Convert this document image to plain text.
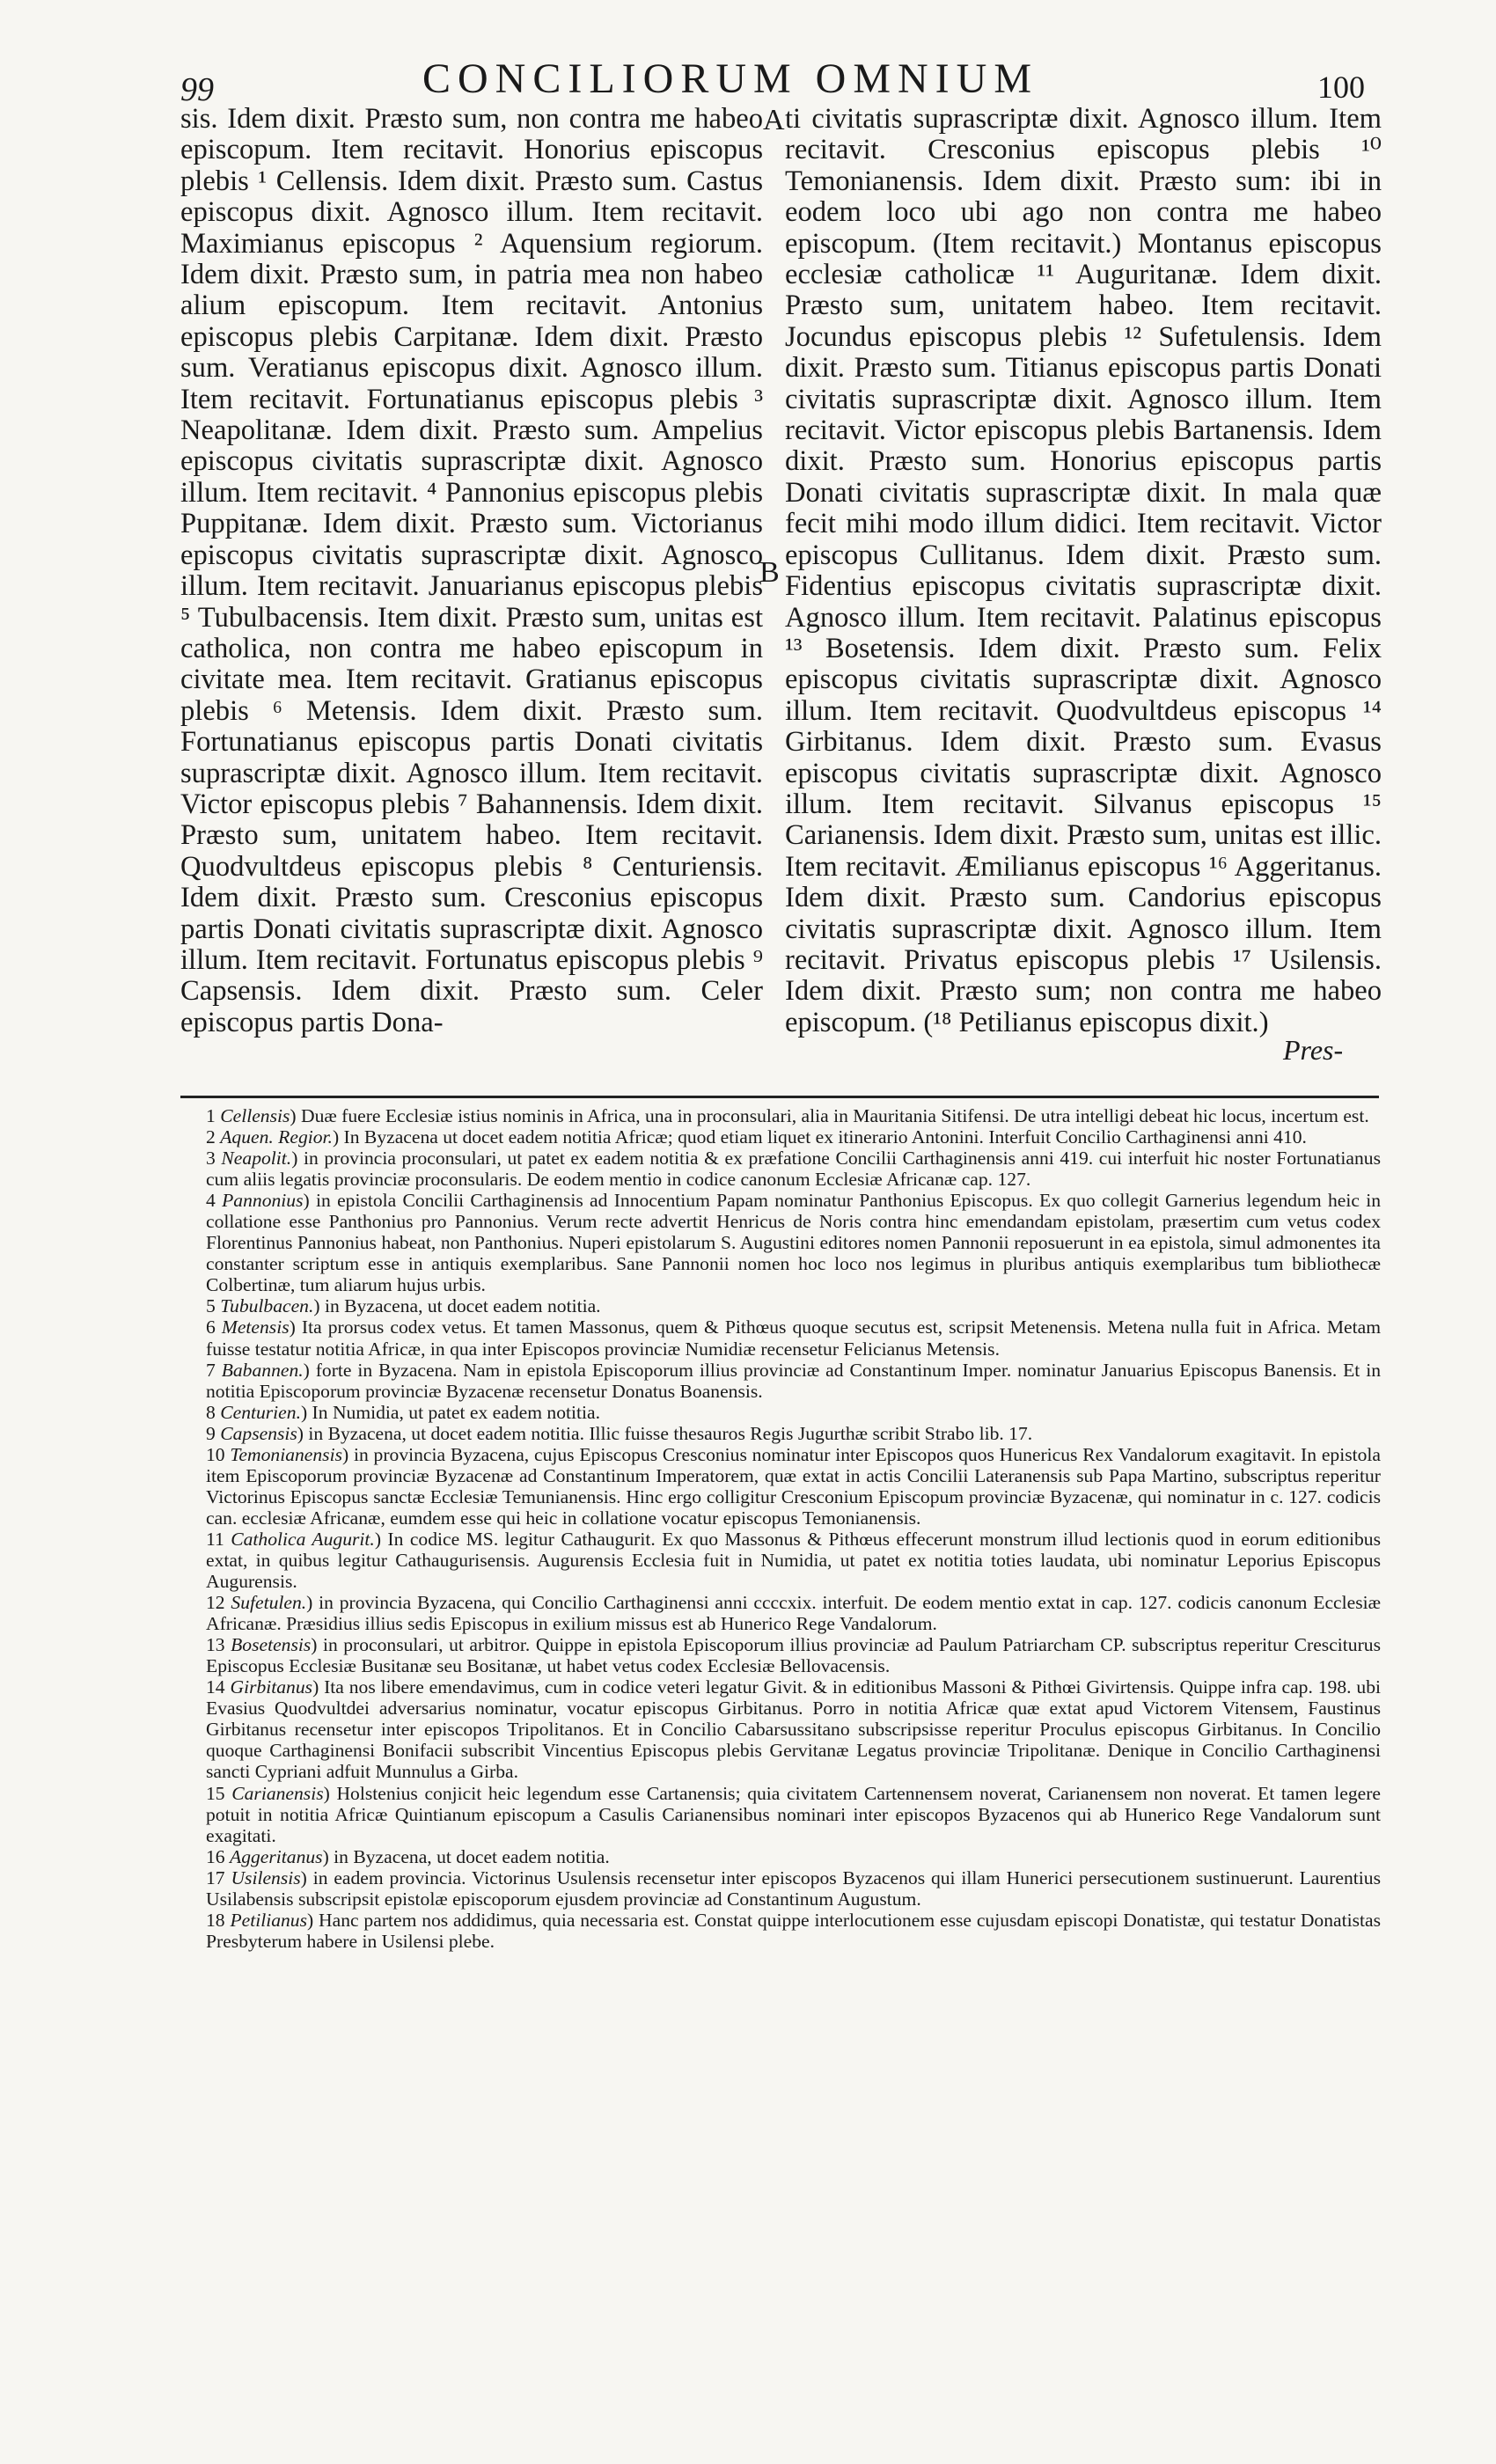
99	CONCILIORUM OMNIUM	100

sis. Idem dixit. Præsto sum, non contra me habeo episcopum. Item recitavit. Honorius episcopus plebis ¹ Cellensis. Idem dixit. Præsto sum. Castus episcopus dixit. Agnosco illum. Item recitavit. Maximianus episcopus ² Aquensium regiorum. Idem dixit. Præsto sum, in patria mea non habeo alium episcopum. Item recitavit. Antonius episcopus plebis Carpitanæ. Idem dixit. Præsto sum. Veratianus episcopus dixit. Agnosco illum. Item recitavit. Fortunatianus episcopus plebis ³ Neapolitanæ. Idem dixit. Præsto sum. Ampelius episcopus civitatis suprascriptæ dixit. Agnosco illum. Item recitavit. ⁴ Pannonius episcopus plebis Puppitanæ. Idem dixit. Præsto sum. Victorianus episcopus civitatis suprascriptæ dixit. Agnosco illum. Item recitavit. Januarianus episcopus plebis ⁵ Tubulbacensis. Item dixit. Præsto sum, unitas est catholica, non contra me habeo episcopum in civitate mea. Item recitavit. Gratianus episcopus plebis ⁶ Metensis. Idem dixit. Præsto sum. Fortunatianus episcopus partis Donati civitatis suprascriptæ dixit. Agnosco illum. Item recitavit. Victor episcopus plebis ⁷ Bahannensis. Idem dixit. Præsto sum, unitatem habeo. Item recitavit. Quodvultdeus episcopus plebis ⁸ Centuriensis. Idem dixit. Præsto sum. Cresconius episcopus partis Donati civitatis suprascriptæ dixit. Agnosco illum. Item recitavit. Fortunatus episcopus plebis ⁹ Capsensis. Idem dixit. Præsto sum. Celer episcopus partis Dona-

A
B

ti civitatis suprascriptæ dixit. Agnosco illum. Item recitavit. Cresconius episcopus plebis ¹⁰ Temonianensis. Idem dixit. Præsto sum: ibi in eodem loco ubi ago non contra me habeo episcopum. (Item recitavit.) Montanus episcopus ecclesiæ catholicæ ¹¹ Auguritanæ. Idem dixit. Præsto sum, unitatem habeo. Item recitavit. Jocundus episcopus plebis ¹² Sufetulensis. Idem dixit. Præsto sum. Titianus episcopus partis Donati civitatis suprascriptæ dixit. Agnosco illum. Item recitavit. Victor episcopus plebis Bartanensis. Idem dixit. Præsto sum. Honorius episcopus partis Donati civitatis suprascriptæ dixit. In mala quæ fecit mihi modo illum didici. Item recitavit. Victor episcopus Cullitanus. Idem dixit. Præsto sum. Fidentius episcopus civitatis suprascriptæ dixit. Agnosco illum. Item recitavit. Palatinus episcopus ¹³ Bosetensis. Idem dixit. Præsto sum. Felix episcopus civitatis suprascriptæ dixit. Agnosco illum. Item recitavit. Quodvultdeus episcopus ¹⁴ Girbitanus. Idem dixit. Præsto sum. Evasus episcopus civitatis suprascriptæ dixit. Agnosco illum. Item recitavit. Silvanus episcopus ¹⁵ Carianensis. Idem dixit. Præsto sum, unitas est illic. Item recitavit. Æmilianus episcopus ¹⁶ Aggeritanus. Idem dixit. Præsto sum. Candorius episcopus civitatis suprascriptæ dixit. Agnosco illum. Item recitavit. Privatus episcopus plebis ¹⁷ Usilensis. Idem dixit. Præsto sum; non contra me habeo episcopum. (¹⁸ Petilianus episcopus dixit.)

Pres-

1 Cellensis) Duæ fuere Ecclesiæ istius nominis in Africa, una in proconsulari, alia in Mauritania Sitifensi. De utra intelligi debeat hic locus, incertum est.

2 Aquen. Regior.) In Byzacena ut docet eadem notitia Africæ; quod etiam liquet ex itinerario Antonini. Interfuit Concilio Carthaginensi anni 410.

3 Neapolit.) in provincia proconsulari, ut patet ex eadem notitia & ex præfatione Concilii Carthaginensis anni 419. cui interfuit hic noster Fortunatianus cum aliis legatis provinciæ proconsularis. De eodem mentio in codice canonum Ecclesiæ Africanæ cap. 127.

4 Pannonius) in epistola Concilii Carthaginensis ad Innocentium Papam nominatur Panthonius Episcopus. Ex quo collegit Garnerius legendum heic in collatione esse Panthonius pro Pannonius. Verum recte advertit Henricus de Noris contra hinc emendandam epistolam, præsertim cum vetus codex Florentinus Pannonius habeat, non Panthonius. Nuperi epistolarum S. Augustini editores nomen Pannonii reposuerunt in ea epistola, simul admonentes ita constanter scriptum esse in antiquis exemplaribus. Sane Pannonii nomen hoc loco nos legimus in pluribus antiquis exemplaribus tum bibliothecæ Colbertinæ, tum aliarum hujus urbis.

5 Tubulbacen.) in Byzacena, ut docet eadem notitia.

6 Metensis) Ita prorsus codex vetus. Et tamen Massonus, quem & Pithœus quoque secutus est, scripsit Metenensis. Metena nulla fuit in Africa. Metam fuisse testatur notitia Africæ, in qua inter Episcopos provinciæ Numidiæ recensetur Felicianus Metensis.

7 Babannen.) forte in Byzacena. Nam in epistola Episcoporum illius provinciæ ad Constantinum Imper. nominatur Januarius Episcopus Banensis. Et in notitia Episcoporum provinciæ Byzacenæ recensetur Donatus Boanensis.

8 Centurien.) In Numidia, ut patet ex eadem notitia.

9 Capsensis) in Byzacena, ut docet eadem notitia. Illic fuisse thesauros Regis Jugurthæ scribit Strabo lib. 17.

10 Temonianensis) in provincia Byzacena, cujus Episcopus Cresconius nominatur inter Episcopos quos Hunericus Rex Vandalorum exagitavit. In epistola item Episcoporum provinciæ Byzacenæ ad Constantinum Imperatorem, quæ extat in actis Concilii Lateranensis sub Papa Martino, subscriptus reperitur Victorinus Episcopus sanctæ Ecclesiæ Temunianensis. Hinc ergo colligitur Cresconium Episcopum provinciæ Byzacenæ, qui nominatur in c. 127. codicis can. ecclesiæ Africanæ, eumdem esse qui heic in collatione vocatur episcopus Temonianensis.

11 Catholica Augurit.) In codice MS. legitur Cathaugurit. Ex quo Massonus & Pithœus effecerunt monstrum illud lectionis quod in eorum editionibus extat, in quibus legitur Cathaugurisensis. Augurensis Ecclesia fuit in Numidia, ut patet ex notitia toties laudata, ubi nominatur Leporius Episcopus Augurensis.

12 Sufetulen.) in provincia Byzacena, qui Concilio Carthaginensi anni ccccxix. interfuit. De eodem mentio extat in cap. 127. codicis canonum Ecclesiæ Africanæ. Præsidius illius sedis Episcopus in exilium missus est ab Hunerico Rege Vandalorum.

13 Bosetensis) in proconsulari, ut arbitror. Quippe in epistola Episcoporum illius provinciæ ad Paulum Patriarcham CP. subscriptus reperitur Cresciturus Episcopus Ecclesiæ Busitanæ seu Bositanæ, ut habet vetus codex Ecclesiæ Bellovacensis.

14 Girbitanus) Ita nos libere emendavimus, cum in codice veteri legatur Givit. & in editionibus Massoni & Pithœi Givirtensis. Quippe infra cap. 198. ubi Evasius Quodvultdei adversarius nominatur, vocatur episcopus Girbitanus. Porro in notitia Africæ quæ extat apud Victorem Vitensem, Faustinus Girbitanus recensetur inter episcopos Tripolitanos. Et in Concilio Cabarsussitano subscripsisse reperitur Proculus episcopus Girbitanus. In Concilio quoque Carthaginensi Bonifacii subscribit Vincentius Episcopus plebis Gervitanæ Legatus provinciæ Tripolitanæ. Denique in Concilio Carthaginensi sancti Cypriani adfuit Munnulus a Girba.

15 Carianensis) Holstenius conjicit heic legendum esse Cartanensis; quia civitatem Cartennensem noverat, Carianensem non noverat. Et tamen legere potuit in notitia Africæ Quintianum episcopum a Casulis Carianensibus nominari inter episcopos Byzacenos qui ab Hunerico Rege Vandalorum sunt exagitati.

16 Aggeritanus) in Byzacena, ut docet eadem notitia.

17 Usilensis) in eadem provincia. Victorinus Usulensis recensetur inter episcopos Byzacenos qui illam Hunerici persecutionem sustinuerunt. Laurentius Usilabensis subscripsit epistolæ episcoporum ejusdem provinciæ ad Constantinum Augustum.

18 Petilianus) Hanc partem nos addidimus, quia necessaria est. Constat quippe interlocutionem esse cujusdam episcopi Donatistæ, qui testatur Donatistas Presbyterum habere in Usilensi plebe.
